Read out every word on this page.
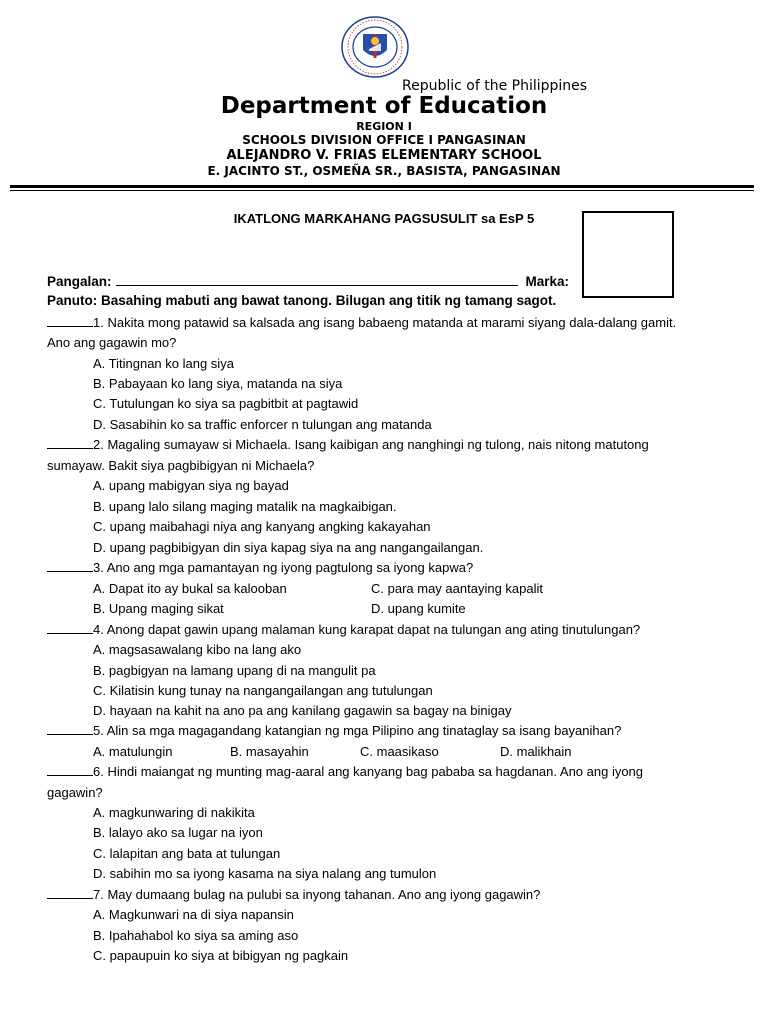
Republic of the Philippines
Department of Education
REGION I
SCHOOLS DIVISION OFFICE I PANGASINAN
ALEJANDRO V. FRIAS ELEMENTARY SCHOOL
E. JACINTO ST., OSMEÑA SR., BASISTA, PANGASINAN
IKATLONG MARKAHANG PAGSUSULIT sa EsP 5
Pangalan:	Marka:
Panuto: Basahing mabuti ang bawat tanong. Bilugan ang titik ng tamang sagot.
1. Nakita mong patawid sa kalsada ang isang babaeng matanda at marami siyang dala-dalang gamit.
Ano ang gagawin mo?
A. Titingnan ko lang siya
B. Pabayaan ko lang siya, matanda na siya
C. Tutulungan ko siya sa pagbitbit at pagtawid
D. Sasabihin ko sa traffic enforcer n tulungan ang matanda
2. Magaling sumayaw si Michaela. Isang kaibigan ang nanghingi ng tulong, nais nitong matutong
sumayaw. Bakit siya pagbibigyan ni Michaela?
A. upang mabigyan siya ng bayad
B. upang lalo silang maging matalik na magkaibigan.
C. upang maibahagi niya ang kanyang angking kakayahan
D. upang pagbibigyan din siya kapag siya na ang nangangailangan.
3. Ano ang mga pamantayan ng iyong pagtulong sa iyong kapwa?
A. Dapat ito ay bukal sa kalooban	C. para may aantaying kapalit
B. Upang maging sikat	D. upang kumite
4. Anong dapat gawin upang malaman kung karapat dapat na tulungan ang ating tinutulungan?
A. magsasawalang kibo na lang ako
B. pagbigyan na lamang upang di na mangulit pa
C. Kilatisin kung tunay na nangangailangan ang tutulungan
D. hayaan na kahit na ano pa ang kanilang gagawin sa bagay na binigay
5. Alin sa mga magagandang katangian ng mga Pilipino ang tinataglay sa isang bayanihan?
A. matulungin	B. masayahin	C. maasikaso	D. malikhain
6. Hindi maiangat ng munting mag-aaral ang kanyang bag pababa sa hagdanan. Ano ang iyong
gagawin?
A. magkunwaring di nakikita
B. lalayo ako sa lugar na iyon
C. lalapitan ang bata at tulungan
D. sabihin mo sa iyong kasama na siya nalang ang tumulon
7. May dumaang bulag na pulubi sa inyong tahanan. Ano ang iyong gagawin?
A. Magkunwari na di siya napansin
B. Ipahahabol ko siya sa aming aso
C. papaupuin ko siya at bibigyan ng pagkain
